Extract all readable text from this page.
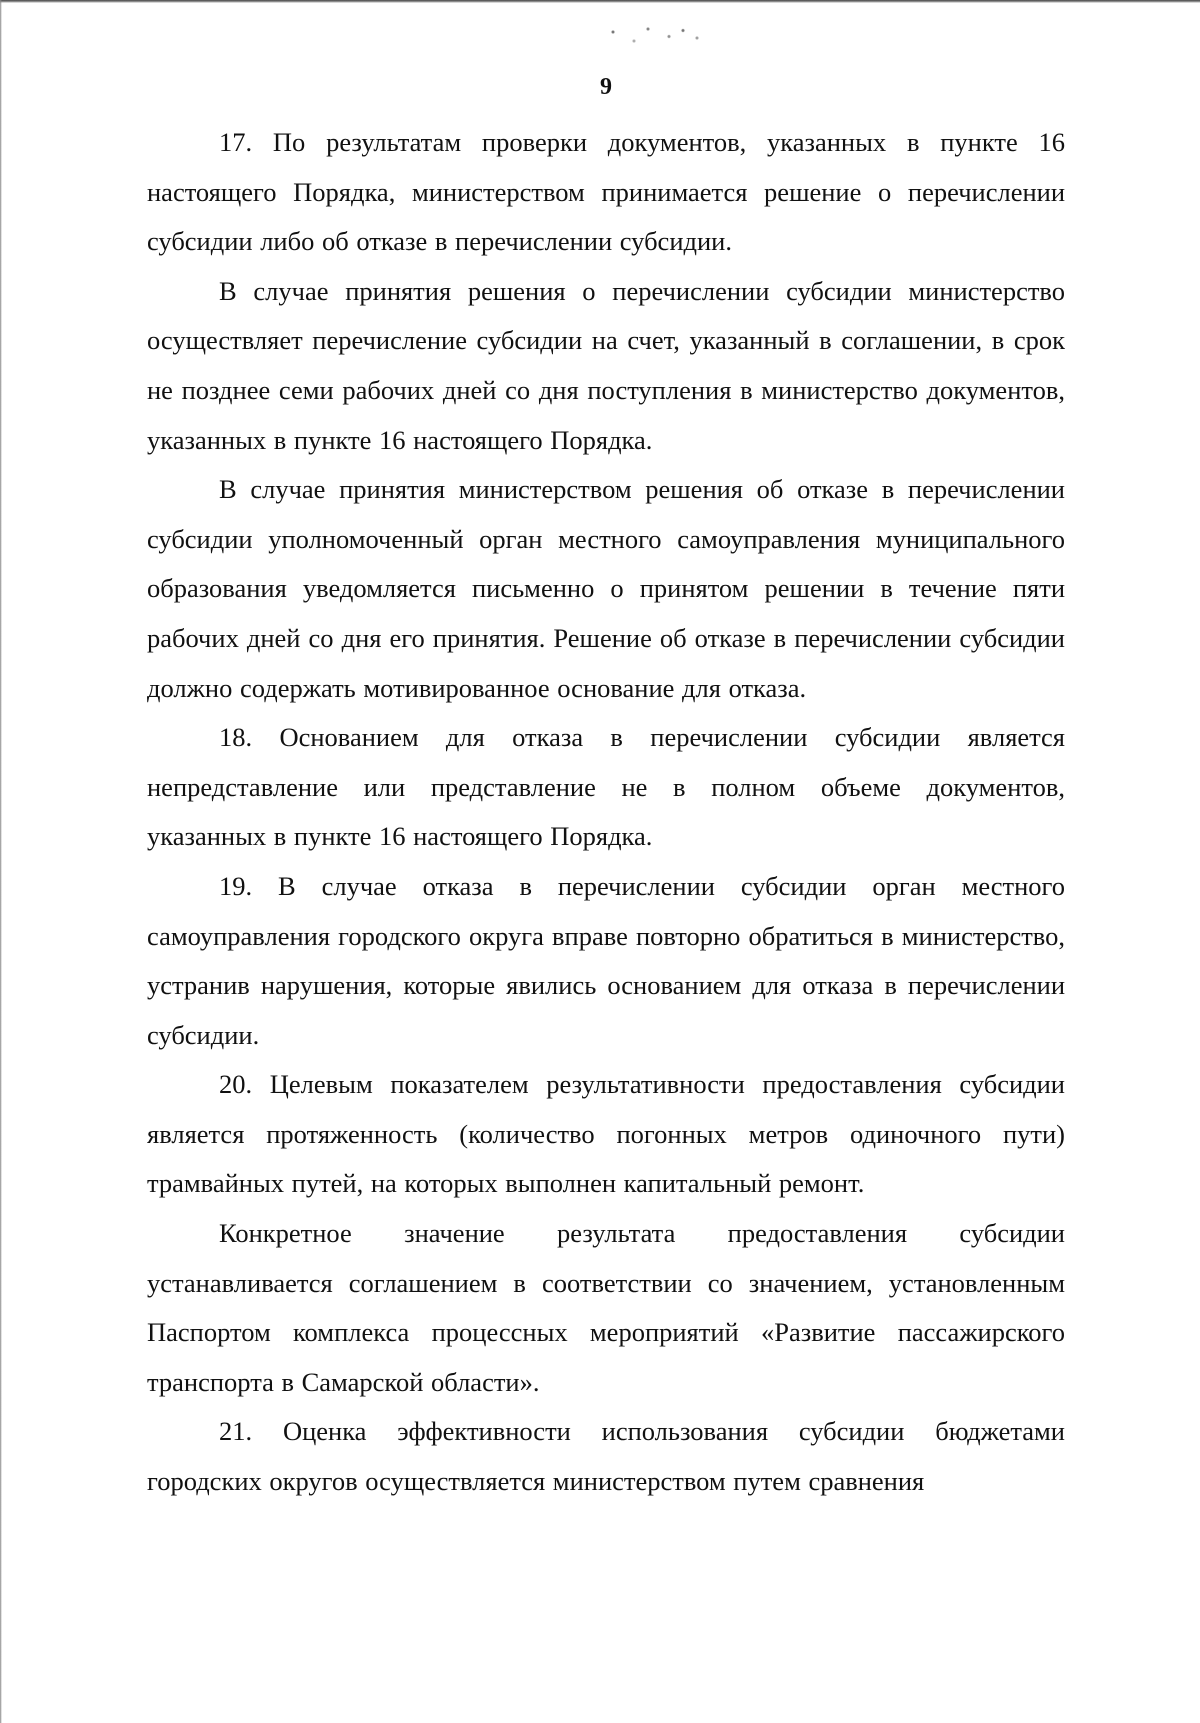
9

17. По результатам проверки документов, указанных в пункте 16 настоящего Порядка, министерством принимается решение о перечислении субсидии либо об отказе в перечислении субсидии.

В случае принятия решения о перечислении субсидии министерство осуществляет перечисление субсидии на счет, указанный в соглашении, в срок не позднее семи рабочих дней со дня поступления в министерство документов, указанных в пункте 16 настоящего Порядка.

В случае принятия министерством решения об отказе в перечислении субсидии уполномоченный орган местного самоуправления муниципального образования уведомляется письменно о принятом решении в течение пяти рабочих дней со дня его принятия. Решение об отказе в перечислении субсидии должно содержать мотивированное основание для отказа.

18. Основанием для отказа в перечислении субсидии является непредставление или представление не в полном объеме документов, указанных в пункте 16 настоящего Порядка.

19. В случае отказа в перечислении субсидии орган местного самоуправления городского округа вправе повторно обратиться в министерство, устранив нарушения, которые явились основанием для отказа в перечислении субсидии.

20. Целевым показателем результативности предоставления субсидии является протяженность (количество погонных метров одиночного пути) трамвайных путей, на которых выполнен капитальный ремонт.

Конкретное значение результата предоставления субсидии устанавливается соглашением в соответствии со значением, установленным Паспортом комплекса процессных мероприятий «Развитие пассажирского транспорта в Самарской области».

21. Оценка эффективности использования субсидии бюджетами городских округов осуществляется министерством путем сравнения
